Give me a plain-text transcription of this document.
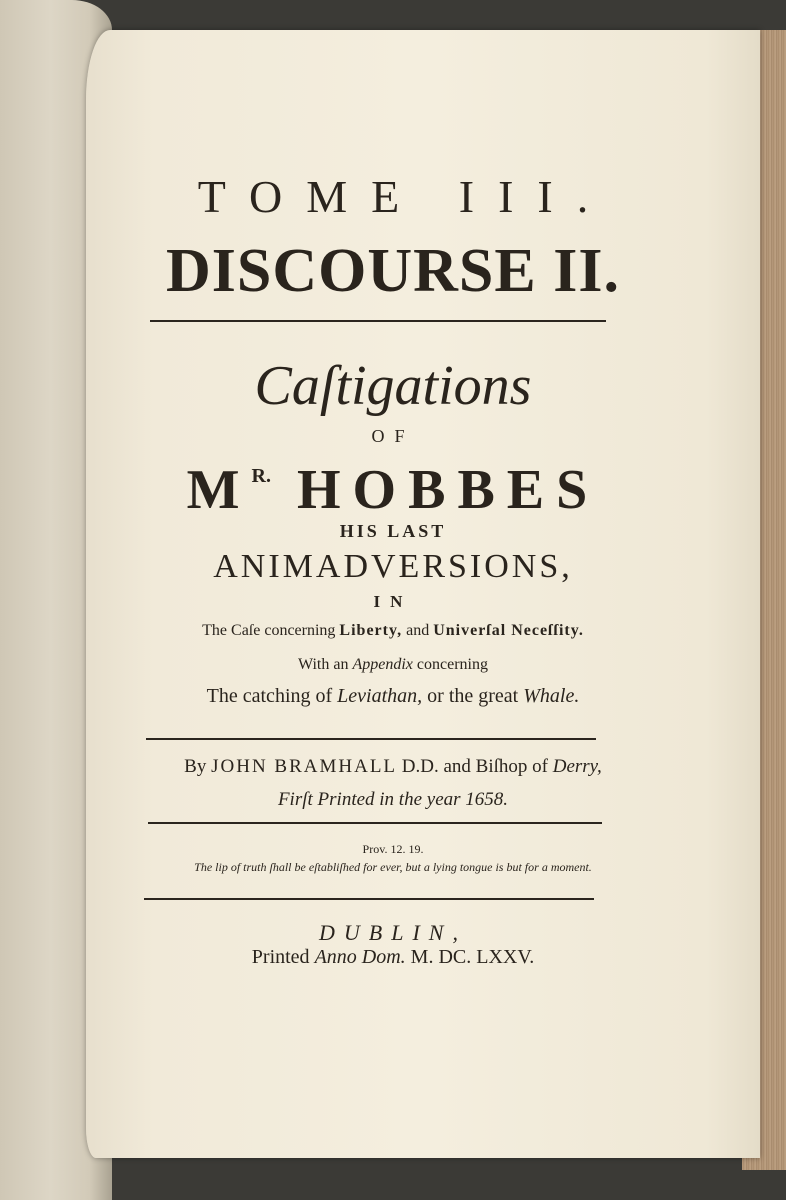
TOME III.
DISCOURSE II.
Caſtigations
OF
$M^{R.}$ HOBBES
HIS LAST
ANIMADVERSIONS,
IN
The Caſe concerning Liberty, and Univerſal Neceſſity.
With an Appendix concerning
The catching of Leviathan, or the great Whale.
By JOHN BRAMHALL D.D. and Biſhop of Derry,
Firſt Printed in the year 1658.
Prov. 12. 19.
The lip of truth ſhall be eſtabliſhed for ever, but a lying tongue is but for a moment.
DUBLIN,
Printed Anno Dom. M. DC. LXXV.
